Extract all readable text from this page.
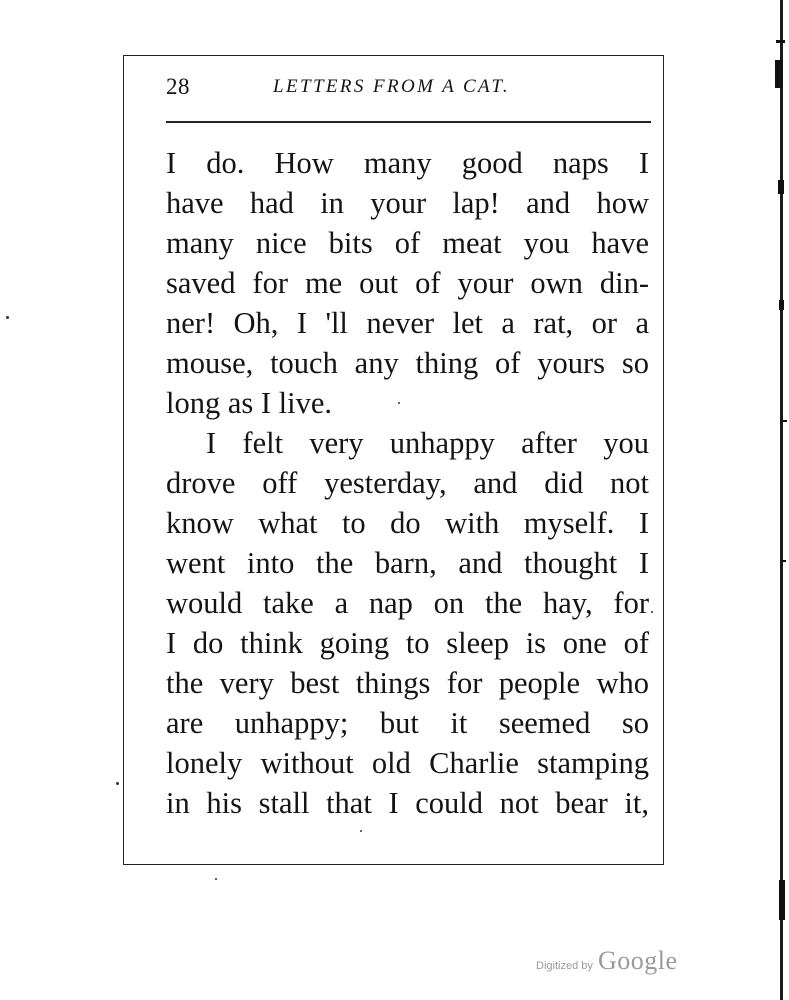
28	LETTERS FROM A CAT.
I do. How many good naps I
have had in your lap! and how
many nice bits of meat you have
saved for me out of your own din-
ner! Oh, I 'll never let a rat, or a
mouse, touch any thing of yours so
long as I live.
I felt very unhappy after you
drove off yesterday, and did not
know what to do with myself. I
went into the barn, and thought I
would take a nap on the hay, for
I do think going to sleep is one of
the very best things for people who
are unhappy; but it seemed so
lonely without old Charlie stamping
in his stall that I could not bear it,
Digitized by Google
